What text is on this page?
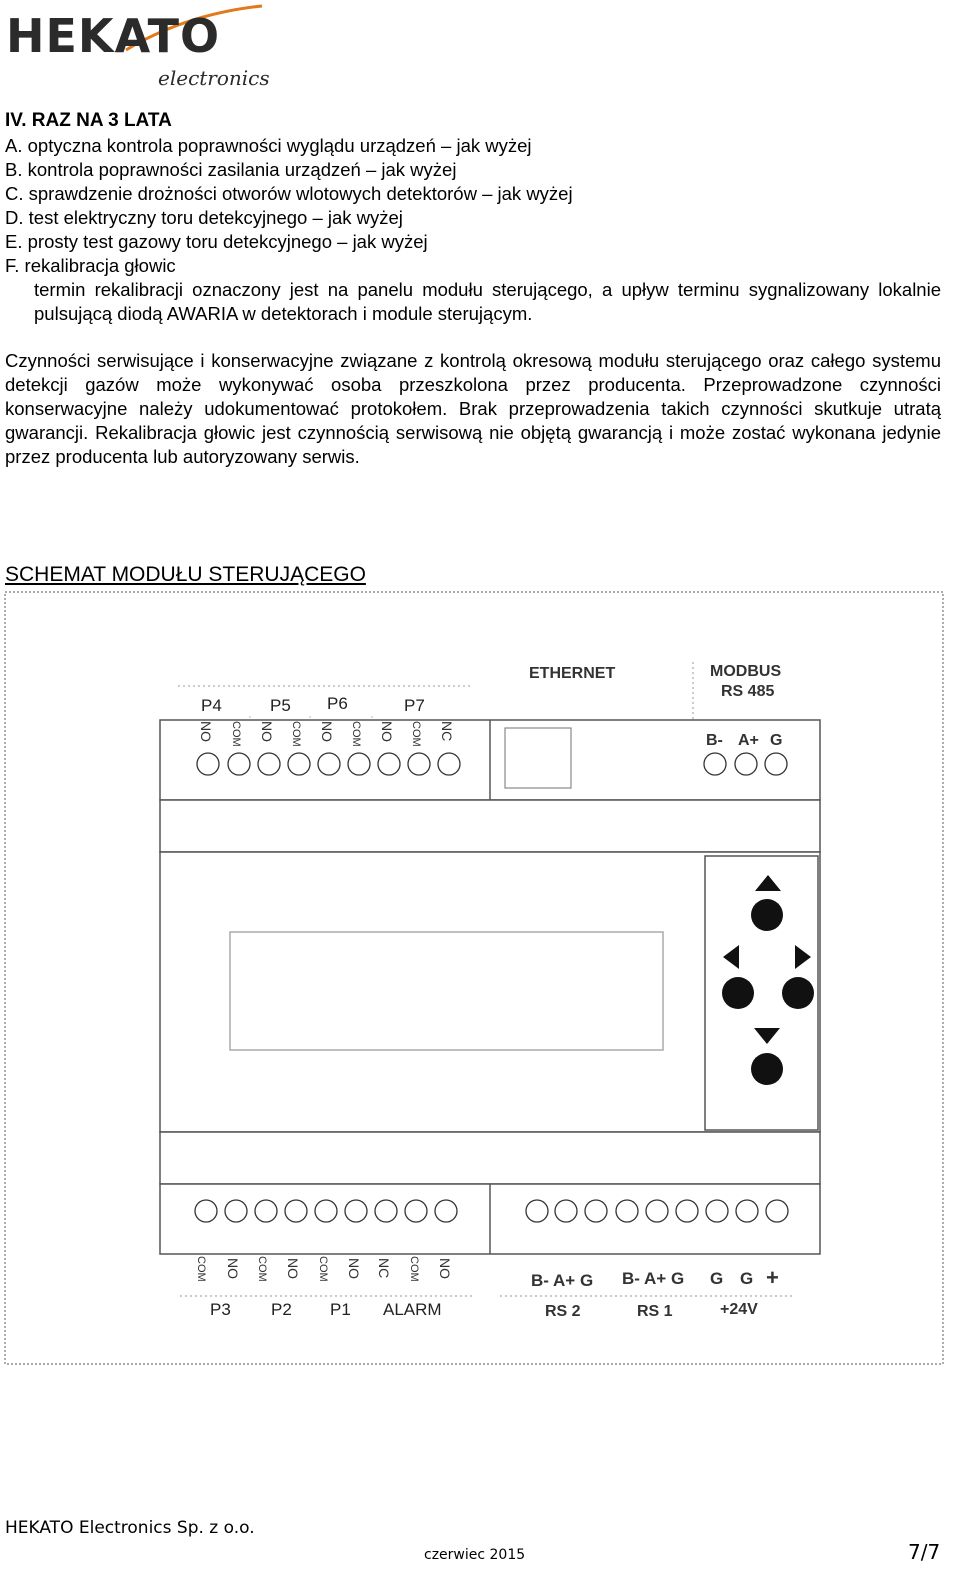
HEKATO
electronics
IV. RAZ NA 3 LATA
A. optyczna kontrola poprawności wyglądu urządzeń – jak wyżej
B. kontrola poprawności zasilania urządzeń – jak wyżej
C. sprawdzenie drożności otworów wlotowych detektorów – jak wyżej
D. test elektryczny toru detekcyjnego – jak wyżej
E. prosty test gazowy toru detekcyjnego – jak wyżej
F. rekalibracja głowic
termin rekalibracji oznaczony jest na panelu modułu sterującego, a upływ terminu sygnalizowany lokalnie pulsującą diodą AWARIA w detektorach i module sterującym.
Czynności serwisujące i konserwacyjne związane z kontrolą okresową modułu sterującego oraz całego systemu detekcji gazów może wykonywać osoba przeszkolona przez producenta. Przeprowadzone czynności konserwacyjne należy udokumentować protokołem. Brak przeprowadzenia takich czynności skutkuje utratą gwarancji. Rekalibracja głowic jest czynnością serwisową nie objętą gwarancją i może zostać wykonana jedynie przez producenta lub autoryzowany serwis.
SCHEMAT MODUŁU STERUJĄCEGO
P4	P5 P6	P7
NO COM NO COM NO COM NO COM NC
ETHERNET	MODBUS
RS 485
B- A+ G
COM NO COM NO COM NO NC COM NO
P3 P2 P1 ALARM
B- A+ G B- A+ G G G +
RS 2	RS 1	+24V
HEKATO Electronics Sp. z o.o.
czerwiec 2015	7/7
